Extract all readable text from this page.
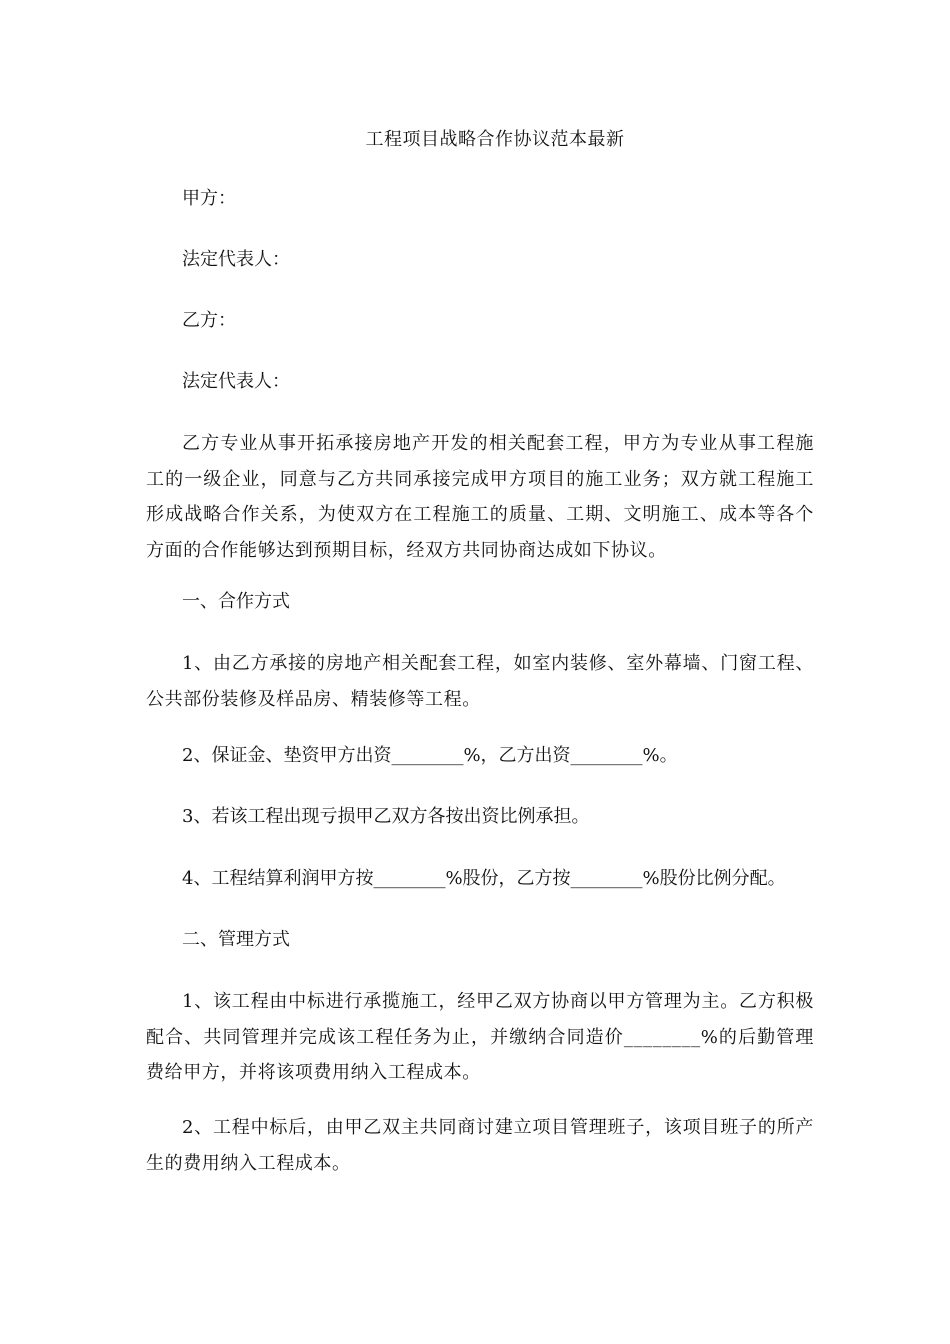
工程项目战略合作协议范本最新
甲方：
法定代表人：
乙方：
法定代表人：
乙方专业从事开拓承接房地产开发的相关配套工程，甲方为专业从事工程施工的一级企业，同意与乙方共同承接完成甲方项目的施工业务；双方就工程施工形成战略合作关系，为使双方在工程施工的质量、工期、文明施工、成本等各个方面的合作能够达到预期目标，经双方共同协商达成如下协议。
一、合作方式
1、由乙方承接的房地产相关配套工程，如室内装修、室外幕墙、门窗工程、公共部份装修及样品房、精装修等工程。
2、保证金、垫资甲方出资________%，乙方出资________%。
3、若该工程出现亏损甲乙双方各按出资比例承担。
4、工程结算利润甲方按________%股份，乙方按________%股份比例分配。
二、管理方式
1、该工程由中标进行承揽施工，经甲乙双方协商以甲方管理为主。乙方积极配合、共同管理并完成该工程任务为止，并缴纳合同造价________%的后勤管理费给甲方，并将该项费用纳入工程成本。
2、工程中标后，由甲乙双主共同商讨建立项目管理班子，该项目班子的所产生的费用纳入工程成本。
